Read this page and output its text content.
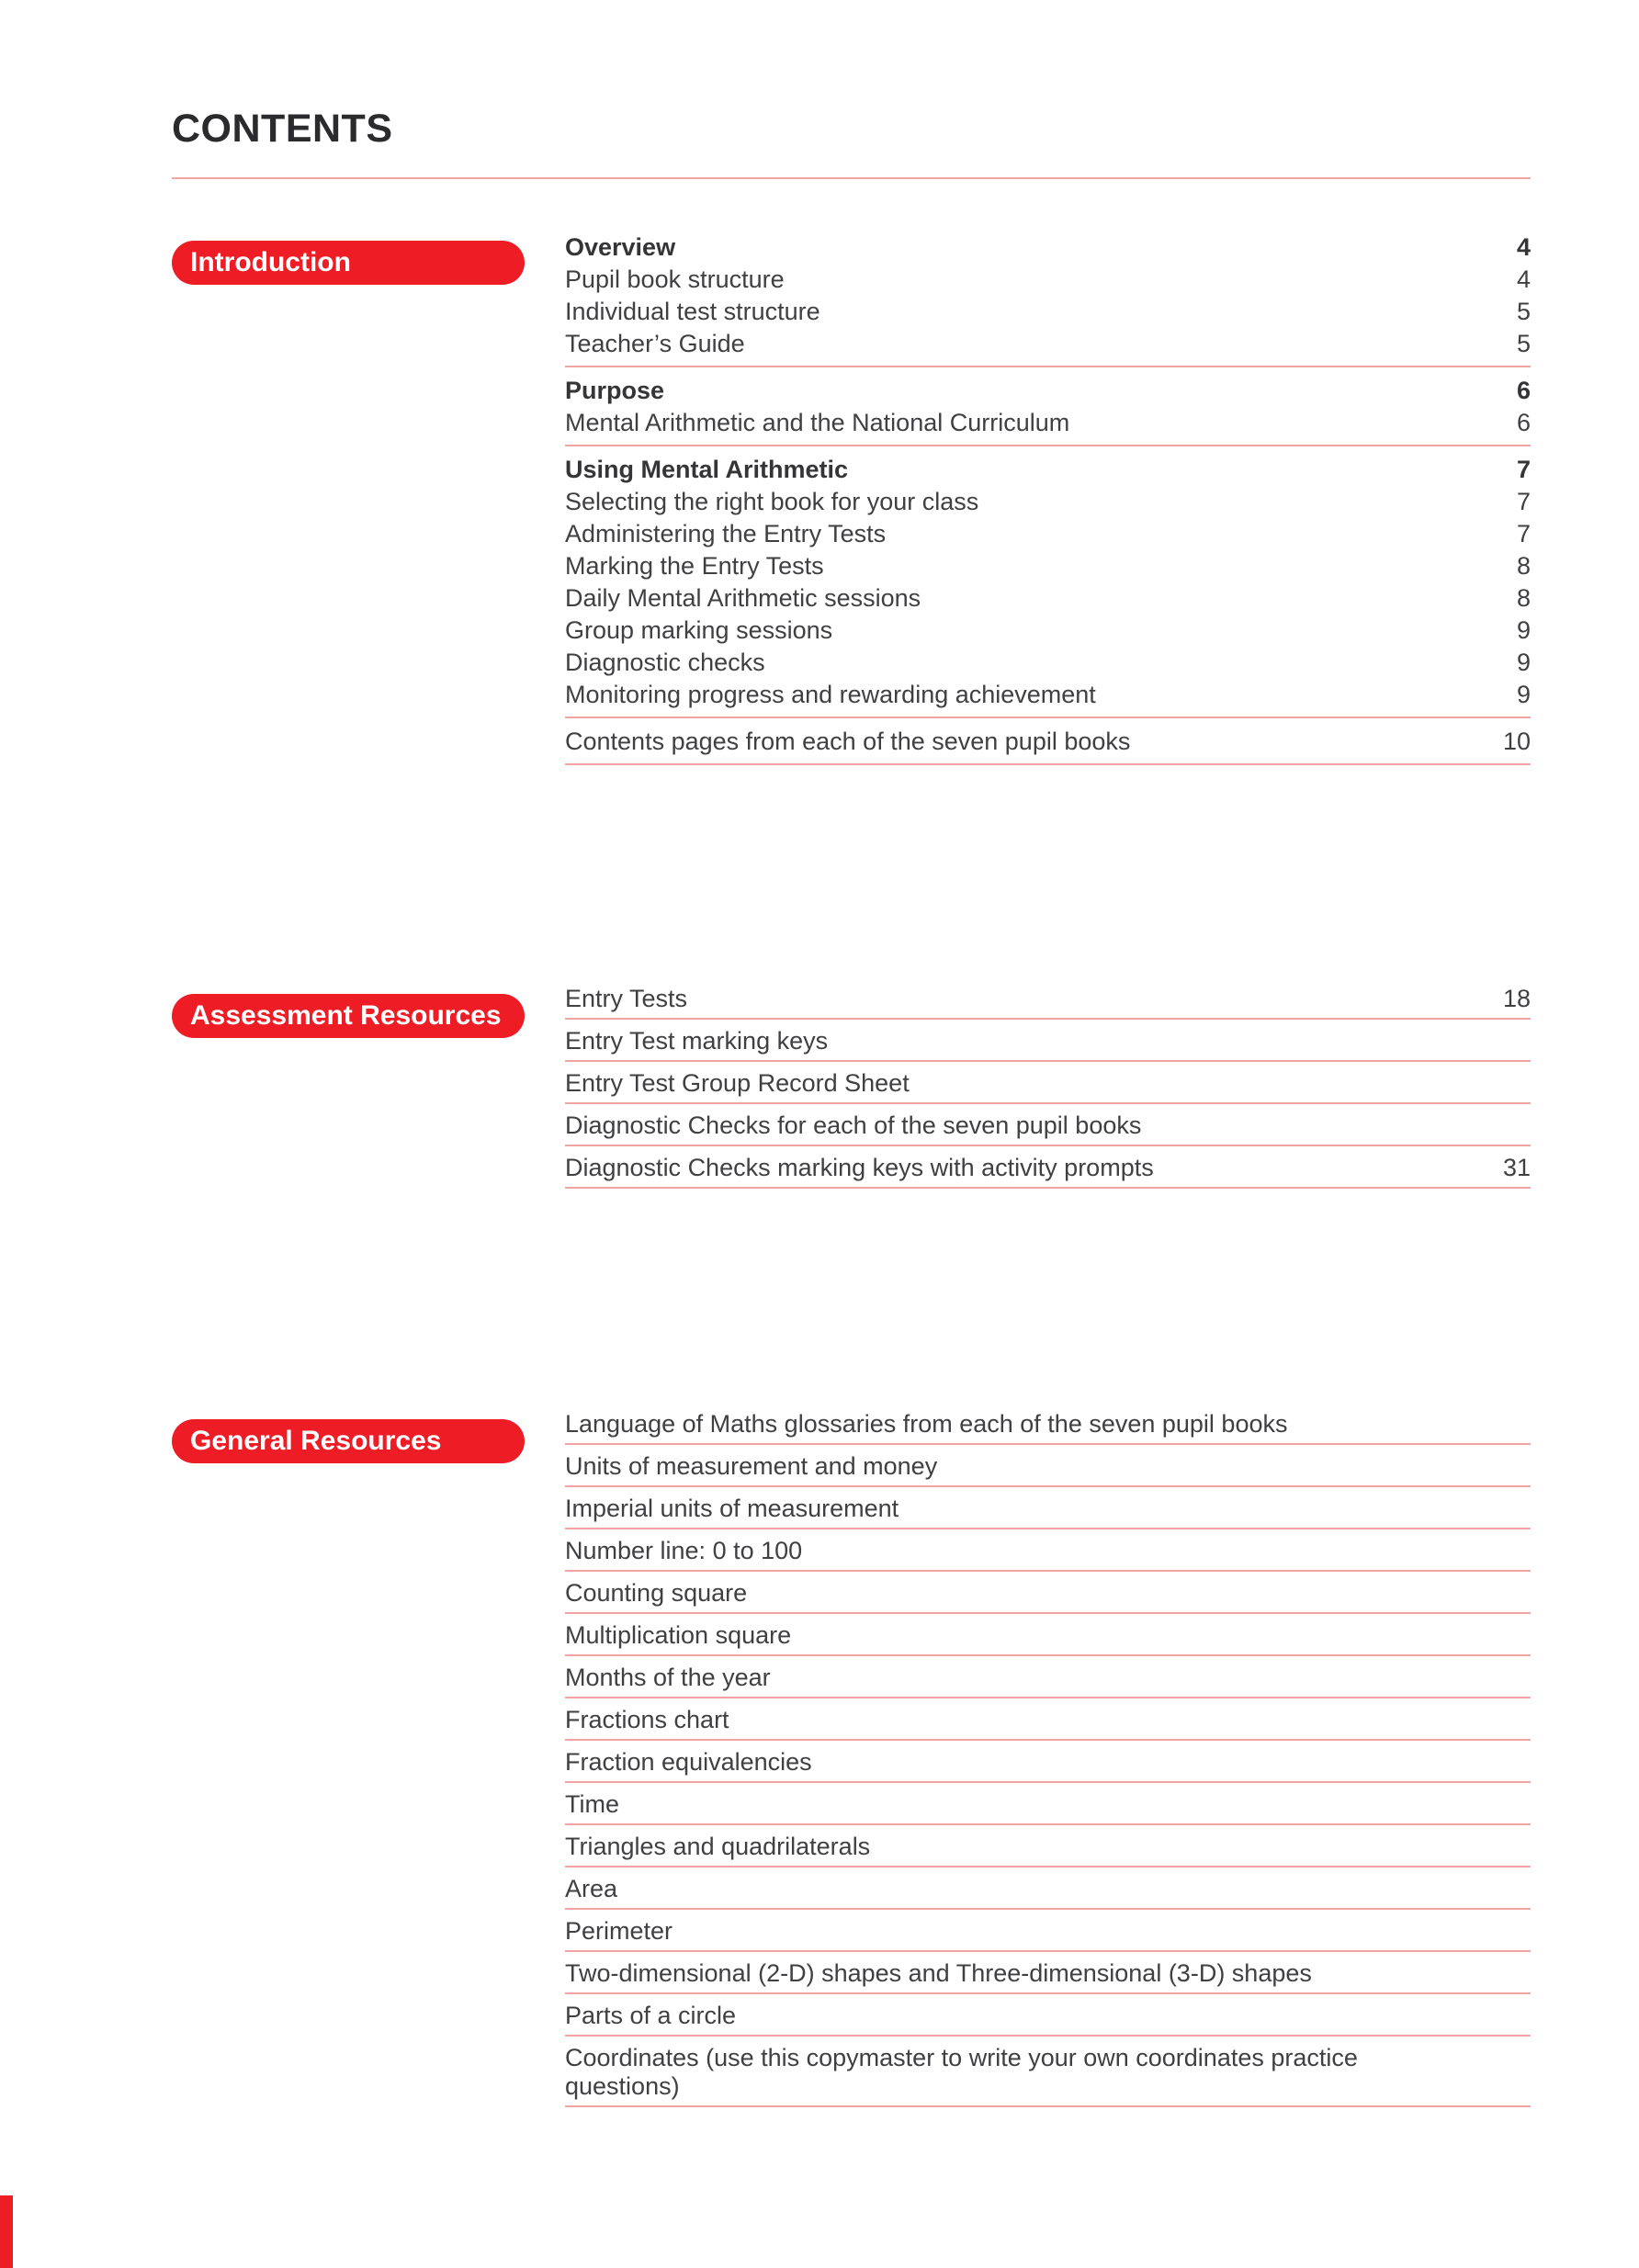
CONTENTS
Introduction	Overview	4
Pupil book structure	4
Individual test structure	5
Teacher’s Guide	5
Purpose	6
Mental Arithmetic and the National Curriculum	6
Using Mental Arithmetic	7
Selecting the right book for your class	7
Administering the Entry Tests	7
Marking the Entry Tests	8
Daily Mental Arithmetic sessions	8
Group marking sessions	9
Diagnostic checks	9
Monitoring progress and rewarding achievement	9
Contents pages from each of the seven pupil books	10
Assessment Resources
Entry Tests	18
Entry Test marking keys
Entry Test Group Record Sheet
Diagnostic Checks for each of the seven pupil books
Diagnostic Checks marking keys with activity prompts	31
General Resources
Language of Maths glossaries from each of the seven pupil books
Units of measurement and money
Imperial units of measurement
Number line: 0 to 100
Counting square
Multiplication square
Months of the year
Fractions chart
Fraction equivalencies
Time
Triangles and quadrilaterals
Area
Perimeter
Two-dimensional (2-D) shapes and Three-dimensional (3-D) shapes
Parts of a circle
Coordinates (use this copymaster to write your own coordinates practice questions)
